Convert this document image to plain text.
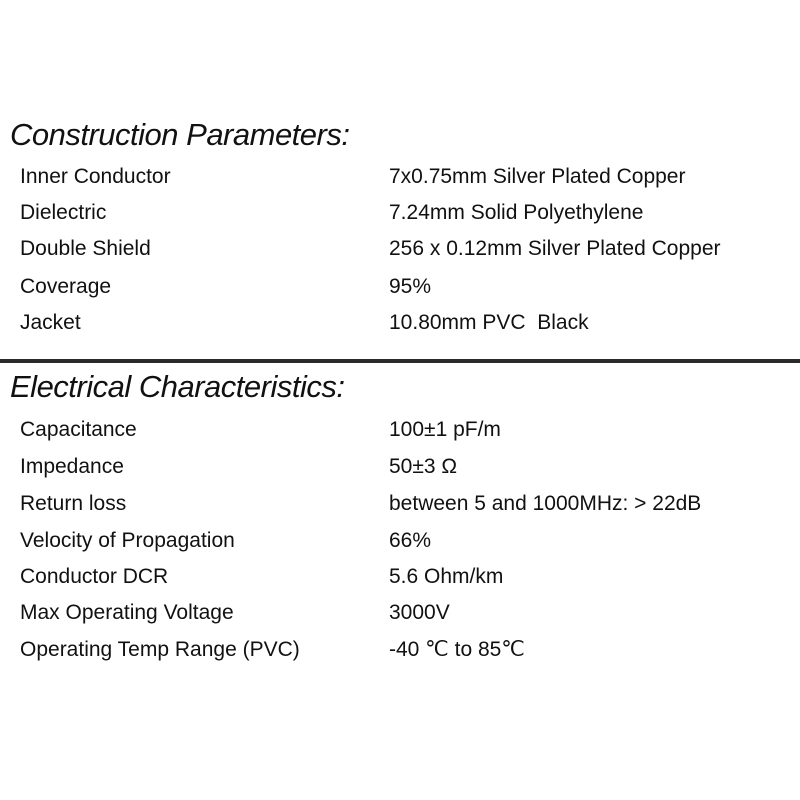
Construction Parameters:
Inner Conductor	7x0.75mm Silver Plated Copper
Dielectric	7.24mm Solid Polyethylene
Double Shield	256 x 0.12mm Silver Plated Copper
Coverage	95%
Jacket	10.80mm PVC  Black
Electrical Characteristics:
Capacitance	100±1 pF/m
Impedance	50±3 Ω
Return loss	between 5 and 1000MHz: > 22dB
Velocity of Propagation	66%
Conductor DCR	5.6 Ohm/km
Max Operating Voltage	3000V
Operating Temp Range (PVC)	-40 ℃ to 85℃
